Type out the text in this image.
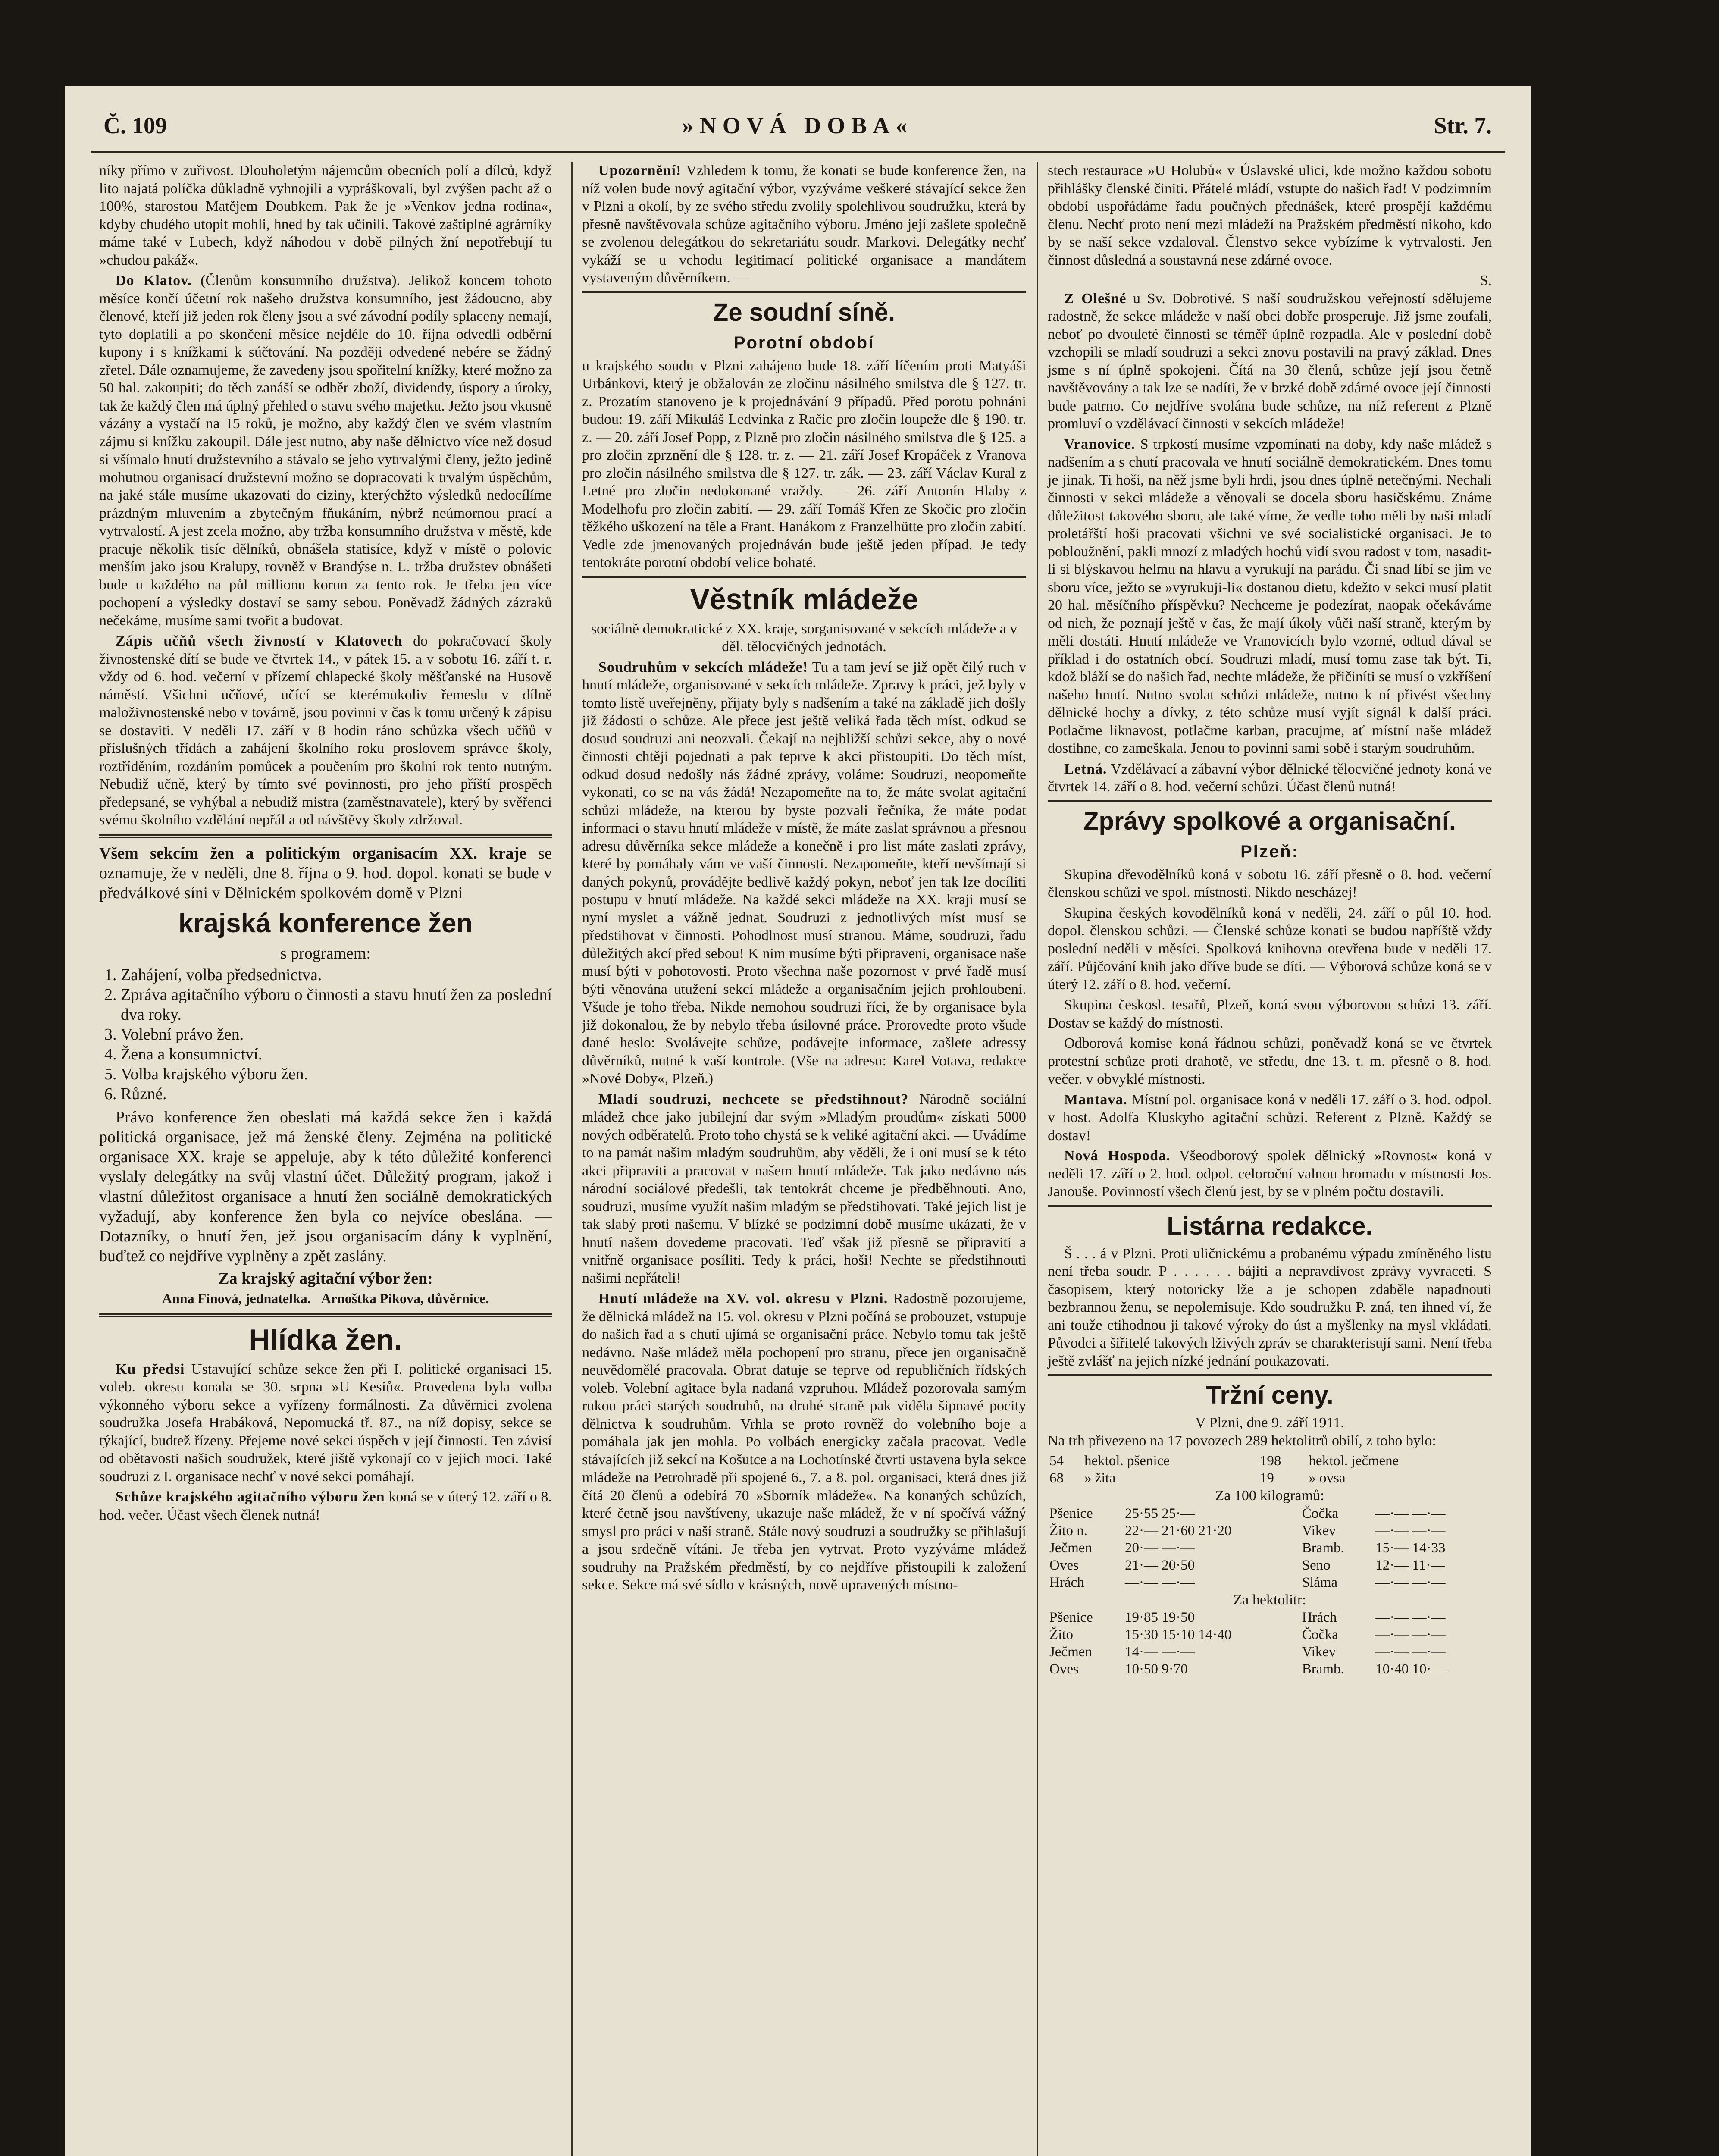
Č. 109	»NOVÁ DOBA«	Str. 7.

níky přímo v zuřivost. Dlouholetým nájemcům obecních polí a dílců, když lito najatá políčka důkladně vyhnojili a vypráškovali, byl zvýšen pacht až o 100%, starostou Matějem Doubkem. Pak že je »Venkov jedna rodina«, kdyby chudého utopit mohli, hned by tak učinili. Takové zaštiplné agrárníky máme také v Lubech, když náhodou v době pilných žní nepotřebují tu »chudou pakáž«.

Do Klatov. (Členům konsumního družstva). Jelikož koncem tohoto měsíce končí účetní rok našeho družstva konsumního, jest žádoucno, aby členové, kteří již jeden rok členy jsou a své závodní podíly splaceny nemají, tyto doplatili a po skončení měsíce nejdéle do 10. října odvedli odběrní kupony i s knížkami k súčtování. Na později odvedené nebére se žádný zřetel. Dále oznamujeme, že zavedeny jsou spořitelní knížky, které možno za 50 hal. zakoupiti; do těch zanáší se odběr zboží, dividendy, úspory a úroky, tak že každý člen má úplný přehled o stavu svého majetku. Ježto jsou vkusně vázány a vystačí na 15 roků, je možno, aby každý člen ve svém vlastním zájmu si knížku zakoupil. Dále jest nutno, aby naše dělnictvo více než dosud si všímalo hnutí družstevního a stávalo se jeho vytrvalými členy, ježto jedině mohutnou organisací družstevní možno se dopracovati k trvalým úspěchům, na jaké stále musíme ukazovati do ciziny, kterýchžto výsledků nedocílíme prázdným mluvením a zbytečným fňukáním, nýbrž neúmornou prací a vytrvalostí. A jest zcela možno, aby tržba konsumního družstva v městě, kde pracuje několik tisíc dělníků, obnášela statisíce, když v místě o polovic menším jako jsou Kralupy, rovněž v Brandýse n. L. tržba družstev obnášeti bude u každého na půl millionu korun za tento rok. Je třeba jen více pochopení a výsledky dostaví se samy sebou. Poněvadž žádných zázraků nečekáme, musíme sami tvořit a budovat.

Zápis učňů všech živností v Klatovech do pokračovací školy živnostenské dítí se bude ve čtvrtek 14., v pátek 15. a v sobotu 16. září t. r. vždy od 6. hod. večerní v přízemí chlapecké školy měšťanské na Husově náměstí. Všichni učňové, učící se kterémukoliv řemeslu v dílně maloživnostenské nebo v továrně, jsou povinni v čas k tomu určený k zápisu se dostaviti. V neděli 17. září v 8 hodin ráno schůzka všech učňů v příslušných třídách a zahájení školního roku proslovem správce školy, roztříděním, rozdáním pomůcek a poučením pro školní rok tento nutným. Nebudiž učně, který by tímto své povinnosti, pro jeho příští prospěch předepsané, se vyhýbal a nebudiž mistra (zaměstnavatele), který by svěřenci svému školního vzdělání nepřál a od návštěvy školy zdržoval.

Všem sekcím žen a politickým organisacím XX. kraje se oznamuje, že v neděli, dne 8. října o 9. hod. dopol. konati se bude v předválkové síni v Dělnickém spolkovém domě v Plzni

krajská konference žen
s programem:
1. Zahájení, volba předsednictva.
2. Zpráva agitačního výboru o činnosti a stavu hnutí žen za poslední dva roky.
3. Volební právo žen.
4. Žena a konsumnictví.
5. Volba krajského výboru žen.
6. Různé.

Právo konference žen obeslati má každá sekce žen i každá politická organisace, jež má ženské členy. Zejména na politické organisace XX. kraje se appeluje, aby k této důležité konferenci vyslaly delegátky na svůj vlastní účet. Důležitý program, jakož i vlastní důležitost organisace a hnutí žen sociálně demokratických vyžadují, aby konference žen byla co nejvíce obeslána. — Dotazníky, o hnutí žen, jež jsou organisacím dány k vyplnění, buďtež co nejdříve vyplněny a zpět zaslány.

Za krajský agitační výbor žen:
Anna Finová, jednatelka. Arnoštka Pikova, důvěrnice.
Hlídka žen.

Ku předsi Ustavující schůze sekce žen při I. politické organisaci 15. voleb. okresu konala se 30. srpna »U Kesiů«. Provedena byla volba výkonného výboru sekce a vyřízeny formálnosti. Za důvěrnici zvolena soudružka Josefa Hrabáková, Nepomucká tř. 87., na níž dopisy, sekce se týkající, budtež řízeny. Přejeme nové sekci úspěch v její činnosti. Ten závisí od obětavosti našich soudružek, které jiště vykonají co v jejich moci. Také soudruzi z I. organisace nechť v nové sekci pomáhají.

Schůze krajského agitačního výboru žen koná se v úterý 12. září o 8. hod. večer. Účast všech členek nutná!

Upozornění! Vzhledem k tomu, že konati se bude konference žen, na níž volen bude nový agitační výbor, vyzýváme veškeré stávající sekce žen v Plzni a okolí, by ze svého středu zvolily spolehlivou soudružku, která by přesně navštěvovala schůze agitačního výboru. Jméno její zašlete společně se zvolenou delegátkou do sekretariátu soudr. Markovi. Delegátky nechť vykáží se u vchodu legitimací politické organisace a mandátem vystaveným důvěrníkem. —

Ze soudní síně.
Porotní období

u krajského soudu v Plzni zahájeno bude 18. září líčením proti Matyáši Urbánkovi, který je obžalován ze zločinu násilného smilstva dle § 127. tr. z. Prozatím stanoveno je k projednávání 9 případů. Před porotu pohnáni budou: 19. září Mikuláš Ledvinka z Račic pro zločin loupeže dle § 190. tr. z. — 20. září Josef Popp, z Plzně pro zločin násilného smilstva dle § 125. a pro zločin zprznění dle § 128. tr. z. — 21. září Josef Kropáček z Vranova pro zločin násilného smilstva dle § 127. tr. zák. — 23. září Václav Kural z Letné pro zločin nedokonané vraždy. — 26. září Antonín Hlaby z Modelhofu pro zločin zabití. — 29. září Tomáš Křen ze Skočic pro zločin těžkého uškození na těle a Frant. Hanákom z Franzelhütte pro zločin zabití. Vedle zde jmenovaných projednáván bude ještě jeden případ. Je tedy tentokráte porotní období velice bohaté.

Věstník mládeže

sociálně demokratické z XX. kraje, sorganisované v sekcích mládeže a v děl. tělocvičných jednotách.

Soudruhům v sekcích mládeže! Tu a tam jeví se již opět čilý ruch v hnutí mládeže, organisované v sekcích mládeže. Zpravy k práci, jež byly v tomto listě uveřejněny, přijaty byly s nadšením a také na základě jich došly již žádosti o schůze. Ale přece jest ještě veliká řada těch míst, odkud se dosud soudruzi ani neozvali. Čekají na nejbližší schůzi sekce, aby o nové činnosti chtěji pojednati a pak teprve k akci přistoupiti. Do těch míst, odkud dosud nedošly nás žádné zprávy, voláme: Soudruzi, neopomeňte vykonati, co se na vás žádá! Nezapomeňte na to, že máte svolat agitační schůzi mládeže, na kterou by byste pozvali řečníka, že máte podat informaci o stavu hnutí mládeže v místě, že máte zaslat správnou a přesnou adresu důvěrníka sekce mládeže a konečně i pro list máte zaslati zprávy, které by pomáhaly vám ve vaší činnosti. Nezapomeňte, kteří nevšímají si daných pokynů, provádějte bedlivě každý pokyn, neboť jen tak lze docíliti postupu v hnutí mládeže. Na každé sekci mládeže na XX. kraji musí se nyní myslet a vážně jednat. Soudruzi z jednotlivých míst musí se předstihovat v činnosti. Pohodlnost musí stranou. Máme, soudruzi, řadu důležitých akcí před sebou! K nim musíme býti připraveni, organisace naše musí býti v pohotovosti. Proto všechna naše pozornost v prvé řadě musí býti věnována utužení sekcí mládeže a organisačním jejich prohloubení. Všude je toho třeba. Nikde nemohou soudruzi říci, že by organisace byla již dokonalou, že by nebylo třeba úsilovné práce. Prorovedte proto všude dané heslo: Svolávejte schůze, podávejte informace, zašlete adressy důvěrníků, nutné k vaší kontrole. (Vše na adresu: Karel Votava, redakce »Nové Doby«, Plzeň.)

Mladí soudruzi, nechcete se předstihnout? Národně sociální mládež chce jako jubilejní dar svým »Mladým proudům« získati 5000 nových odběratelů. Proto toho chystá se k veliké agitační akci. — Uvádíme to na památ našim mladým soudruhům, aby věděli, že i oni musí se k této akci připraviti a pracovat v našem hnutí mládeže. Tak jako nedávno nás národní sociálové předešli, tak tentokrát chceme je předběhnouti. Ano, soudruzi, musíme využít našim mladým se předstihovati. Také jejich list je tak slabý proti našemu. V blízké se podzimní době musíme ukázati, že v hnutí našem dovedeme pracovati. Teď však již přesně se připraviti a vnitřně organisace posíliti. Tedy k práci, hoši! Nechte se předstihnouti našimi nepřáteli!

Hnutí mládeže na XV. vol. okresu v Plzni. Radostně pozorujeme, že dělnická mládež na 15. vol. okresu v Plzni počíná se probouzet, vstupuje do našich řad a s chutí ujímá se organisační práce. Nebylo tomu tak ještě nedávno. Naše mládež měla pochopení pro stranu, přece jen organisačně neuvědomělé pracovala. Obrat datuje se teprve od republičních řídských voleb. Volební agitace byla nadaná vzpruhou. Mládež pozorovala samým rukou práci starých soudruhů, na druhé straně pak viděla šipnavé pocity dělnictva k soudruhům. Vrhla se proto rovněž do volebního boje a pomáhala jak jen mohla. Po volbách energicky začala pracovat. Vedle stávajících již sekcí na Košutce a na Lochotínské čtvrti ustavena byla sekce mládeže na Petrohradě při spojené 6., 7. a 8. pol. organisaci, která dnes již čítá 20 členů a odebírá 70 »Sborník mládeže«. Na konaných schůzích, které četně jsou navštíveny, ukazuje naše mládež, že v ní spočívá vážný smysl pro práci v naší straně. Stále nový soudruzi a soudružky se přihlašují a jsou srdečně vítáni. Je třeba jen vytrvat. Proto vyzýváme mládež soudruhy na Pražském předměstí, by co nejdříve přistoupili k založení sekce. Sekce má své sídlo v krásných, nově upravených místno-

stech restaurace »U Holubů« v Úslavské ulici, kde možno každou sobotu přihlášky členské činiti. Přátelé mládí, vstupte do našich řad! V podzimním období uspořádáme řadu poučných přednášek, které prospějí každému členu. Nechť proto není mezi mládeží na Pražském předměstí nikoho, kdo by se naší sekce vzdaloval. Členstvo sekce vybízíme k vytrvalosti. Jen činnost důsledná a soustavná nese zdárné ovoce.

S.

Z Olešné u Sv. Dobrotivé. S naší soudružskou veřejností sdělujeme radostně, že sekce mládeže v naší obci dobře prosperuje. Již jsme zoufali, neboť po dvouleté činnosti se téměř úplně rozpadla. Ale v poslední době vzchopili se mladí soudruzi a sekci znovu postavili na pravý základ. Dnes jsme s ní úplně spokojeni. Čítá na 30 členů, schůze její jsou četně navštěvovány a tak lze se nadíti, že v brzké době zdárné ovoce její činnosti bude patrno. Co nejdříve svolána bude schůze, na níž referent z Plzně promluví o vzdělávací činnosti v sekcích mládeže!

Vranovice. S trpkostí musíme vzpomínati na doby, kdy naše mládež s nadšením a s chutí pracovala ve hnutí sociálně demokratickém. Dnes tomu je jinak. Ti hoši, na něž jsme byli hrdi, jsou dnes úplně netečnými. Nechali činnosti v sekci mládeže a věnovali se docela sboru hasičskému. Známe důležitost takového sboru, ale také víme, že vedle toho měli by naši mladí proletářští hoši pracovati všichni ve své socialistické organisaci. Je to pobloužnění, pakli mnozí z mladých hochů vidí svou radost v tom, nasadit-li si blýskavou helmu na hlavu a vyrukují na parádu. Či snad líbí se jim ve sboru více, ježto se »vyrukuji-li« dostanou dietu, kdežto v sekci musí platit 20 hal. měsíčního příspěvku? Nechceme je podezírat, naopak očekáváme od nich, že poznají ještě v čas, že mají úkoly vůči naší straně, kterým by měli dostáti. Hnutí mládeže ve Vranovicích bylo vzorné, odtud dával se příklad i do ostatních obcí. Soudruzi mladí, musí tomu zase tak být. Ti, kdož bláží se do našich řad, nechte mládeže, že přičiníti se musí o vzkříšení našeho hnutí. Nutno svolat schůzi mládeže, nutno k ní přivést všechny dělnické hochy a dívky, z této schůze musí vyjít signál k další práci. Potlačme liknavost, potlačme karban, pracujme, ať místní naše mládež dostihne, co zameškala. Jenou to povinni sami sobě i starým soudruhům.

Letná. Vzdělávací a zábavní výbor dělnické tělocvičné jednoty koná ve čtvrtek 14. září o 8. hod. večerní schůzi. Účast členů nutná!

Zprávy spolkové a organisační.
Plzeň:

Skupina dřevodělníků koná v sobotu 16. září přesně o 8. hod. večerní členskou schůzi ve spol. místnosti. Nikdo nescházej!

Skupina českých kovodělníků koná v neděli, 24. září o půl 10. hod. dopol. členskou schůzi. — Členské schůze konati se budou napříště vždy poslední neděli v měsíci. Spolková knihovna otevřena bude v neděli 17. září. Půjčování knih jako dříve bude se díti. — Výborová schůze koná se v úterý 12. září o 8. hod. večerní.

Skupina českosl. tesařů, Plzeň, koná svou výborovou schůzi 13. září. Dostav se každý do místnosti.

Odborová komise koná řádnou schůzi, poněvadž koná se ve čtvrtek protestní schůze proti drahotě, ve středu, dne 13. t. m. přesně o 8. hod. večer. v obvyklé místnosti.

Mantava. Místní pol. organisace koná v neděli 17. září o 3. hod. odpol. v host. Adolfa Kluskyho agitační schůzi. Referent z Plzně. Každý se dostav!

Nová Hospoda. Všeodborový spolek dělnický »Rovnost« koná v neděli 17. září o 2. hod. odpol. celoroční valnou hromadu v místnosti Jos. Janouše. Povinností všech členů jest, by se v plném počtu dostavili.

Listárna redakce.

Š . . . á v Plzni. Proti uličnickému a probanému výpadu zmíněného listu není třeba soudr. P . . . . . . bájiti a nepravdivost zprávy vyvraceti. S časopisem, který notoricky lže a je schopen zdaběle napadnouti bezbrannou ženu, se nepolemisuje. Kdo soudružku P. zná, ten ihned ví, že ani touže ctihodnou ji takové výroky do úst a myšlenky na mysl vkládati. Původci a šiřitelé takových lživých zpráv se charakterisují sami. Není třeba ještě zvlášť na jejich nízké jednání poukazovati.

Tržní ceny.
V Plzni, dne 9. září 1911.

Na trh přivezeno na 17 povozech 289 hektolitrů obilí, z toho bylo:

54	hektol. pšenice	198	hektol. ječmene
68	» žita	19	» ovsa
Za 100 kilogramů:
Pšenice	25·55 25·—	Čočka	—·— —·—
Žito n.	22·— 21·60 21·20	Vikev	—·— —·—
Ječmen	20·— —·—	Bramb.	15·— 14·33
Oves	21·— 20·50	Seno	12·— 11·—
Hrách	—·— —·—	Sláma	—·— —·—
Za hektolitr:
Pšenice	19·85 19·50	Hrách	—·— —·—
Žito	15·30 15·10 14·40	Čočka	—·— —·—
Ječmen	14·— —·—	Vikev	—·— —·—
Oves	10·50 9·70	Bramb.	10·40 10·—
